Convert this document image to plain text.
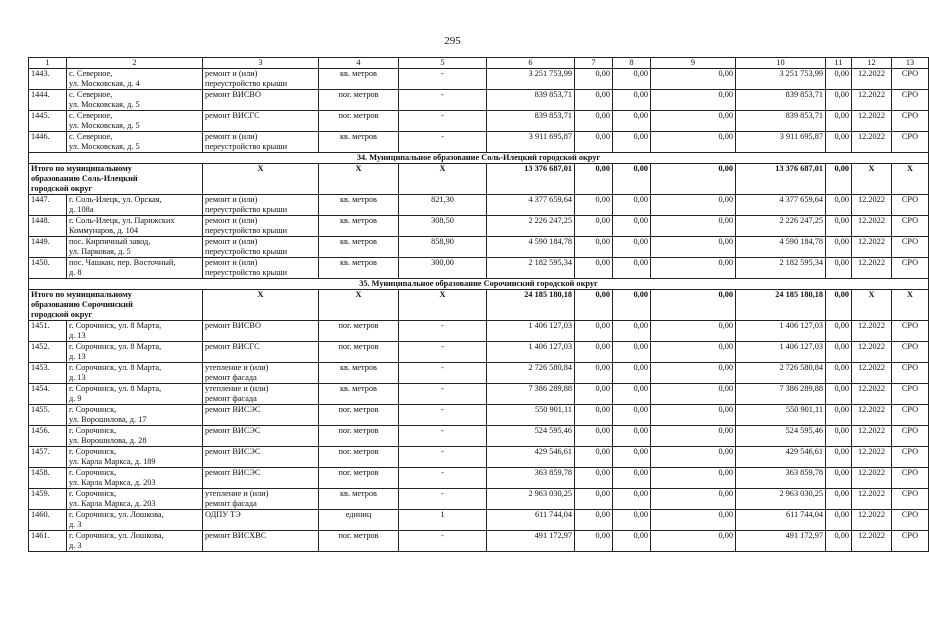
295
1	2	3	4	5	6	7	8	9	10	11	12	13
1443.	с. Северное,
ул. Московская, д. 4	ремонт и (или)
переустройство крыши	кв. метров	-	3 251 753,99	0,00	0,00	0,00	3 251 753,99	0,00	12.2022	СРО
1444.	с. Северное,
ул. Московская, д. 5	ремонт ВИСВО	пог. метров	-	839 853,71	0,00	0,00	0,00	839 853,71	0,00	12.2022	СРО
1445.	с. Северное,
ул. Московская, д. 5	ремонт ВИСГС	пог. метров	-	839 853,71	0,00	0,00	0,00	839 853,71	0,00	12.2022	СРО
1446.	с. Северное,
ул. Московская, д. 5	ремонт и (или)
переустройство крыши	кв. метров	-	3 911 695,87	0,00	0,00	0,00	3 911 695,87	0,00	12.2022	СРО
34. Муниципальное образование Соль-Илецкий городской округ												
Итого по муниципальному
образованию Соль-Илецкий
городской округ		X	X	X	13 376 687,01	0,00	0,00	0,00	13 376 687,01	0,00	X	X
1447.	г. Соль-Илецк, ул. Орская,
д. 108а	ремонт и (или)
переустройство крыши	кв. метров	821,30	4 377 659,64	0,00	0,00	0,00	4 377 659,64	0,00	12.2022	СРО
1448.	г. Соль-Илецк, ул. Парижских
Коммунаров, д. 104	ремонт и (или)
переустройство крыши	кв. метров	308,50	2 226 247,25	0,00	0,00	0,00	2 226 247,25	0,00	12.2022	СРО
1449.	пос. Кирпичный завод,
ул. Парковая, д. 5	ремонт и (или)
переустройство крыши	кв. метров	858,90	4 590 184,78	0,00	0,00	0,00	4 590 184,78	0,00	12.2022	СРО
1450.	пос. Чашкан, пер. Восточный,
д. 8	ремонт и (или)
переустройство крыши	кв. метров	300,00	2 182 595,34	0,00	0,00	0,00	2 182 595,34	0,00	12.2022	СРО
35. Муниципальное образование Сорочинский городской округ												
Итого по муниципальному
образованию Сорочинский
городской округ		X	X	X	24 185 180,18	0,00	0,00	0,00	24 185 180,18	0,00	X	X
1451.	г. Сорочинск, ул. 8 Марта,
д. 13	ремонт ВИСВО	пог. метров	-	1 406 127,03	0,00	0,00	0,00	1 406 127,03	0,00	12.2022	СРО
1452.	г. Сорочинск, ул. 8 Марта,
д. 13	ремонт ВИСГС	пог. метров	-	1 406 127,03	0,00	0,00	0,00	1 406 127,03	0,00	12.2022	СРО
1453.	г. Сорочинск, ул. 8 Марта,
д. 13	утепление и (или)
ремонт фасада	кв. метров	-	2 726 580,84	0,00	0,00	0,00	2 726 580,84	0,00	12.2022	СРО
1454.	г. Сорочинск, ул. 8 Марта,
д. 9	утепление и (или)
ремонт фасада	кв. метров	-	7 386 289,88	0,00	0,00	0,00	7 386 289,88	0,00	12.2022	СРО
1455.	г. Сорочинск,
ул. Ворошилова, д. 17	ремонт ВИСЭС	пог. метров	-	550 901,11	0,00	0,00	0,00	550 901,11	0,00	12.2022	СРО
1456.	г. Сорочинск,
ул. Ворошилова, д. 28	ремонт ВИСЭС	пог. метров	-	524 595,46	0,00	0,00	0,00	524 595,46	0,00	12.2022	СРО
1457.	г. Сорочинск,
ул. Карла Маркса, д. 189	ремонт ВИСЭС	пог. метров	-	429 546,61	0,00	0,00	0,00	429 546,61	0,00	12.2022	СРО
1458.	г. Сорочинск,
ул. Карла Маркса, д. 203	ремонт ВИСЭС	пог. метров	-	363 859,78	0,00	0,00	0,00	363 859,78	0,00	12.2022	СРО
1459.	г. Сорочинск,
ул. Карла Маркса, д. 203	утепление и (или)
ремонт фасада	кв. метров	-	2 963 030,25	0,00	0,00	0,00	2 963 030,25	0,00	12.2022	СРО
1460.	г. Сорочинск, ул. Лошкова,
д. 3	ОДПУ ТЭ	единиц	1	611 744,04	0,00	0,00	0,00	611 744,04	0,00	12.2022	СРО
1461.	г. Сорочинск, ул. Лошкова,
д. 3	ремонт ВИСХВС	пог. метров	-	491 172,97	0,00	0,00	0,00	491 172,97	0,00	12.2022	СРО
